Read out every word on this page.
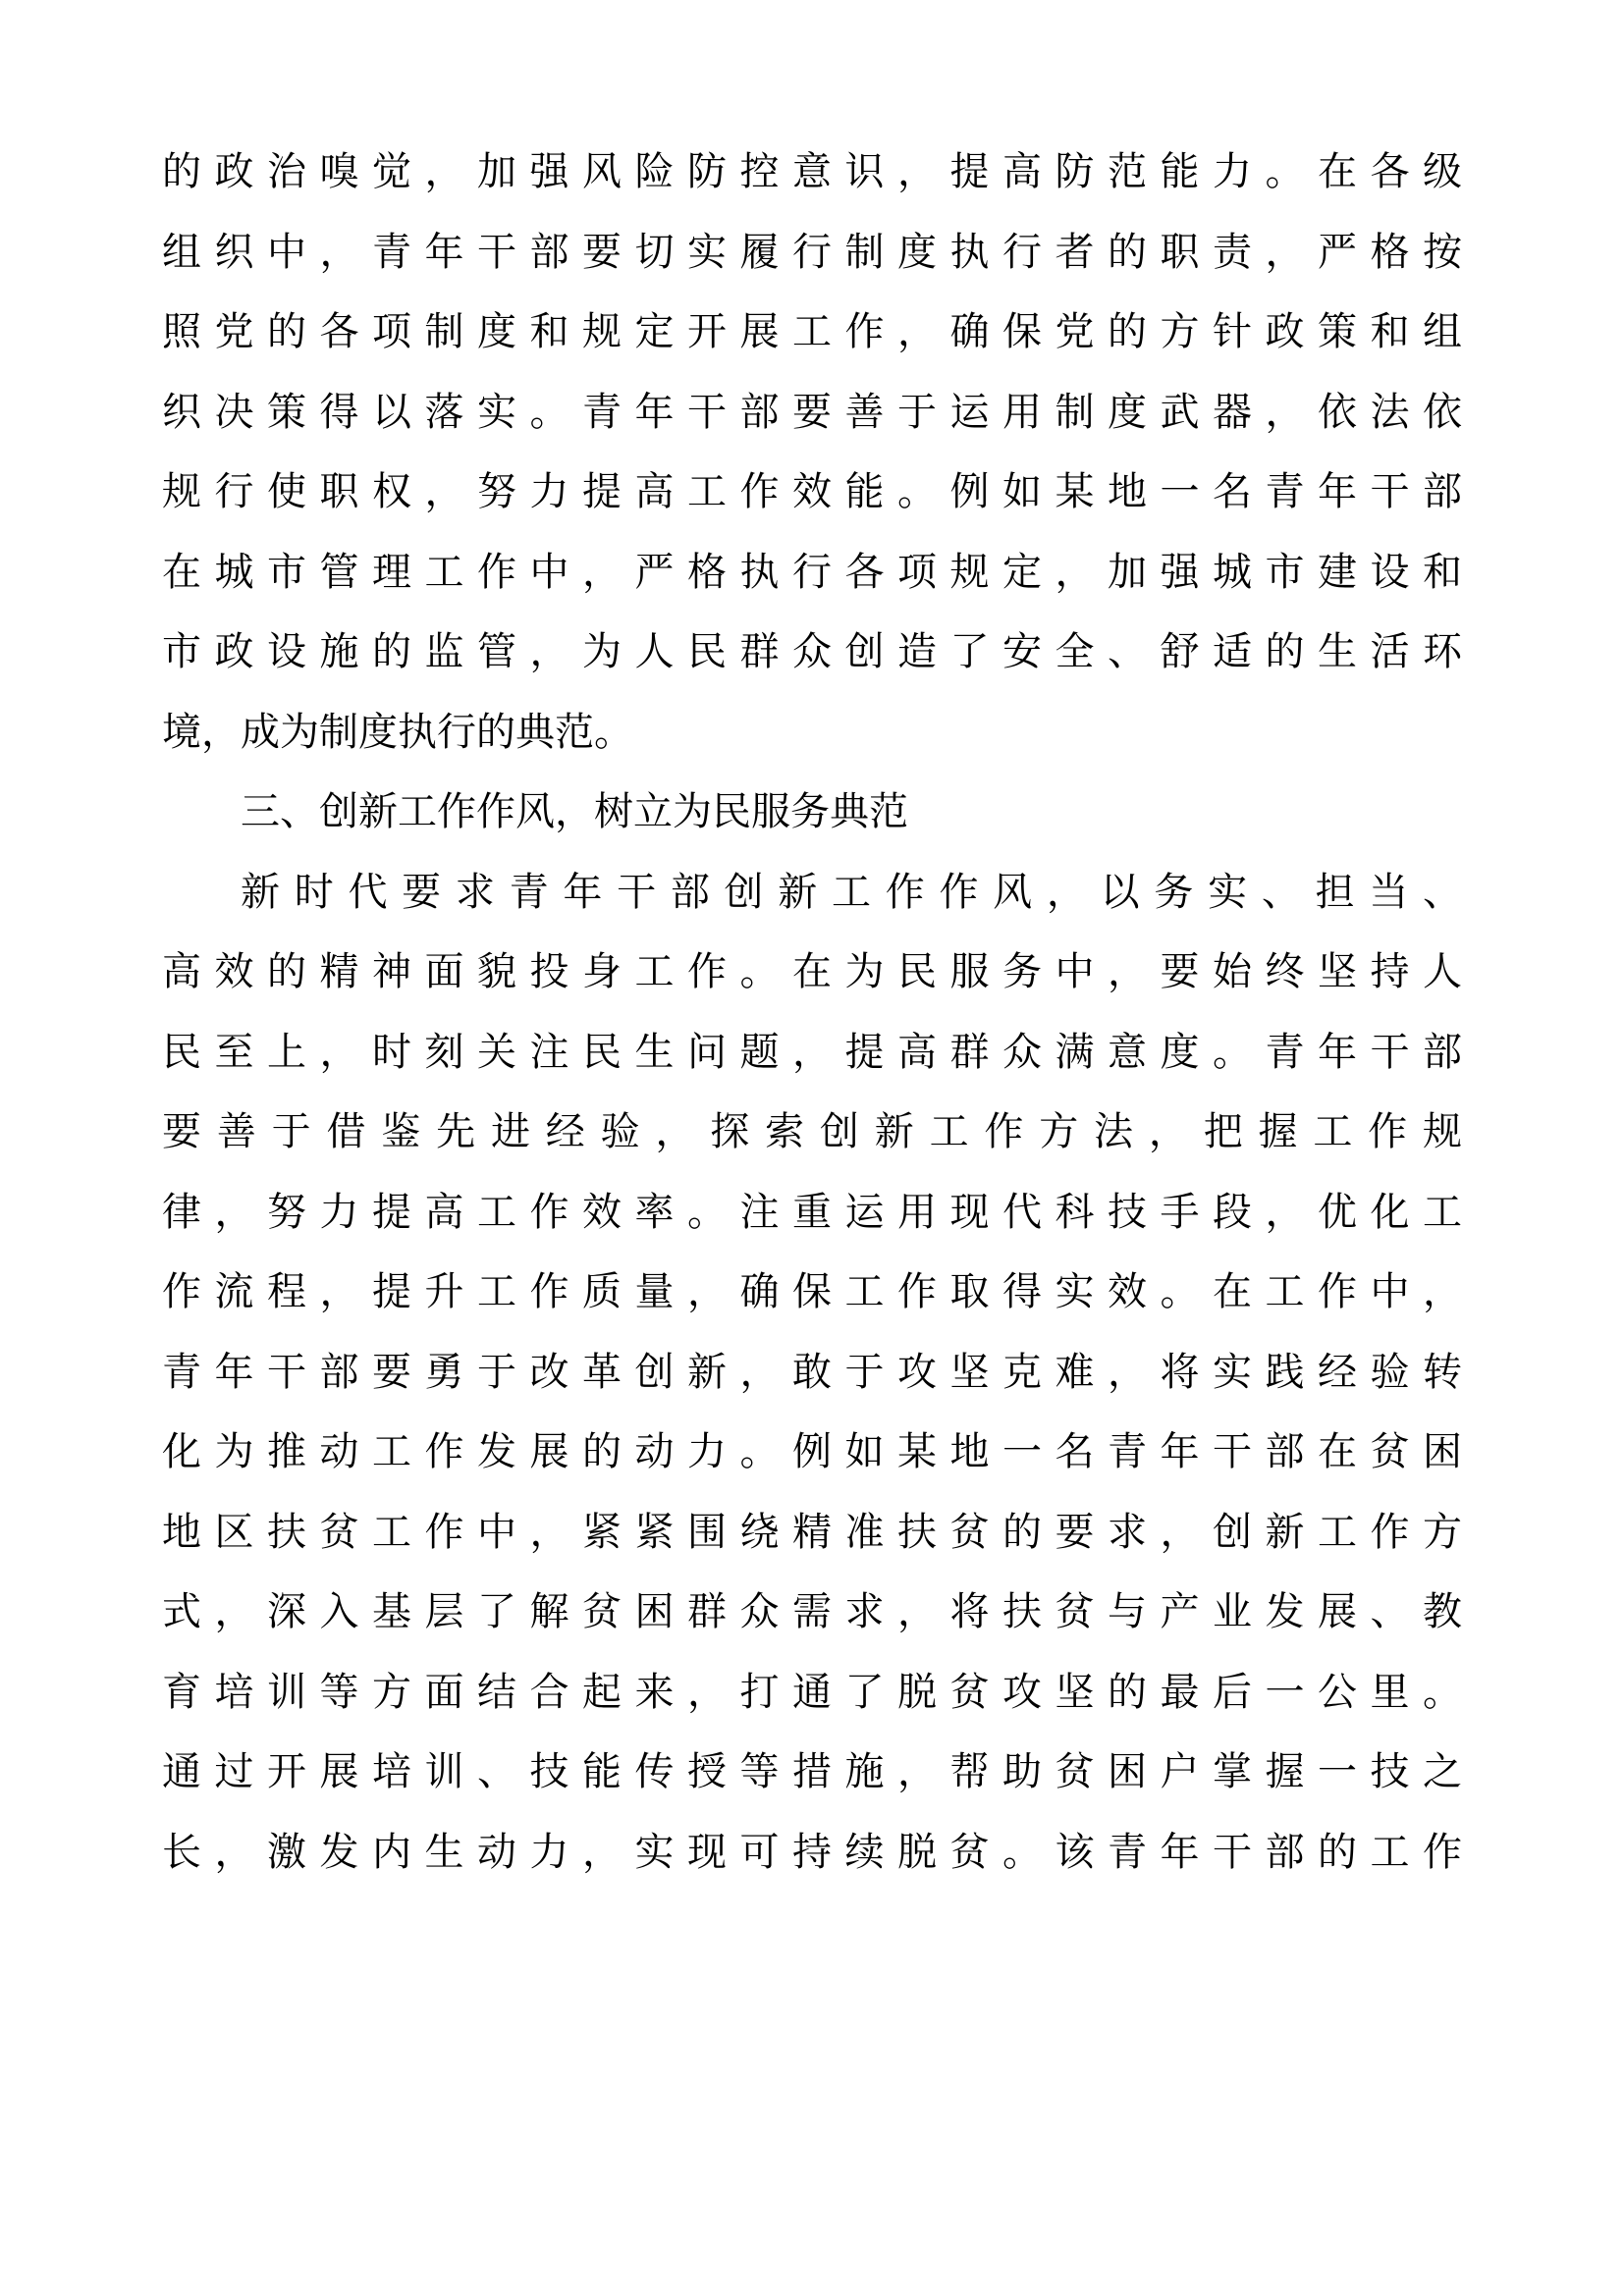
的政治嗅觉，加强风险防控意识，提高防范能力。在各级
组织中，青年干部要切实履行制度执行者的职责，严格按
照党的各项制度和规定开展工作，确保党的方针政策和组
织决策得以落实。青年干部要善于运用制度武器，依法依
规行使职权，努力提高工作效能。例如某地一名青年干部
在城市管理工作中，严格执行各项规定，加强城市建设和
市政设施的监管，为人民群众创造了安全、舒适的生活环
境，成为制度执行的典范。
三、创新工作作风，树立为民服务典范
新时代要求青年干部创新工作作风，以务实、担当、
高效的精神面貌投身工作。在为民服务中，要始终坚持人
民至上，时刻关注民生问题，提高群众满意度。青年干部
要善于借鉴先进经验，探索创新工作方法，把握工作规
律，努力提高工作效率。注重运用现代科技手段，优化工
作流程，提升工作质量，确保工作取得实效。在工作中，
青年干部要勇于改革创新，敢于攻坚克难，将实践经验转
化为推动工作发展的动力。例如某地一名青年干部在贫困
地区扶贫工作中，紧紧围绕精准扶贫的要求，创新工作方
式，深入基层了解贫困群众需求，将扶贫与产业发展、教
育培训等方面结合起来，打通了脱贫攻坚的最后一公里。
通过开展培训、技能传授等措施，帮助贫困户掌握一技之
长，激发内生动力，实现可持续脱贫。该青年干部的工作
